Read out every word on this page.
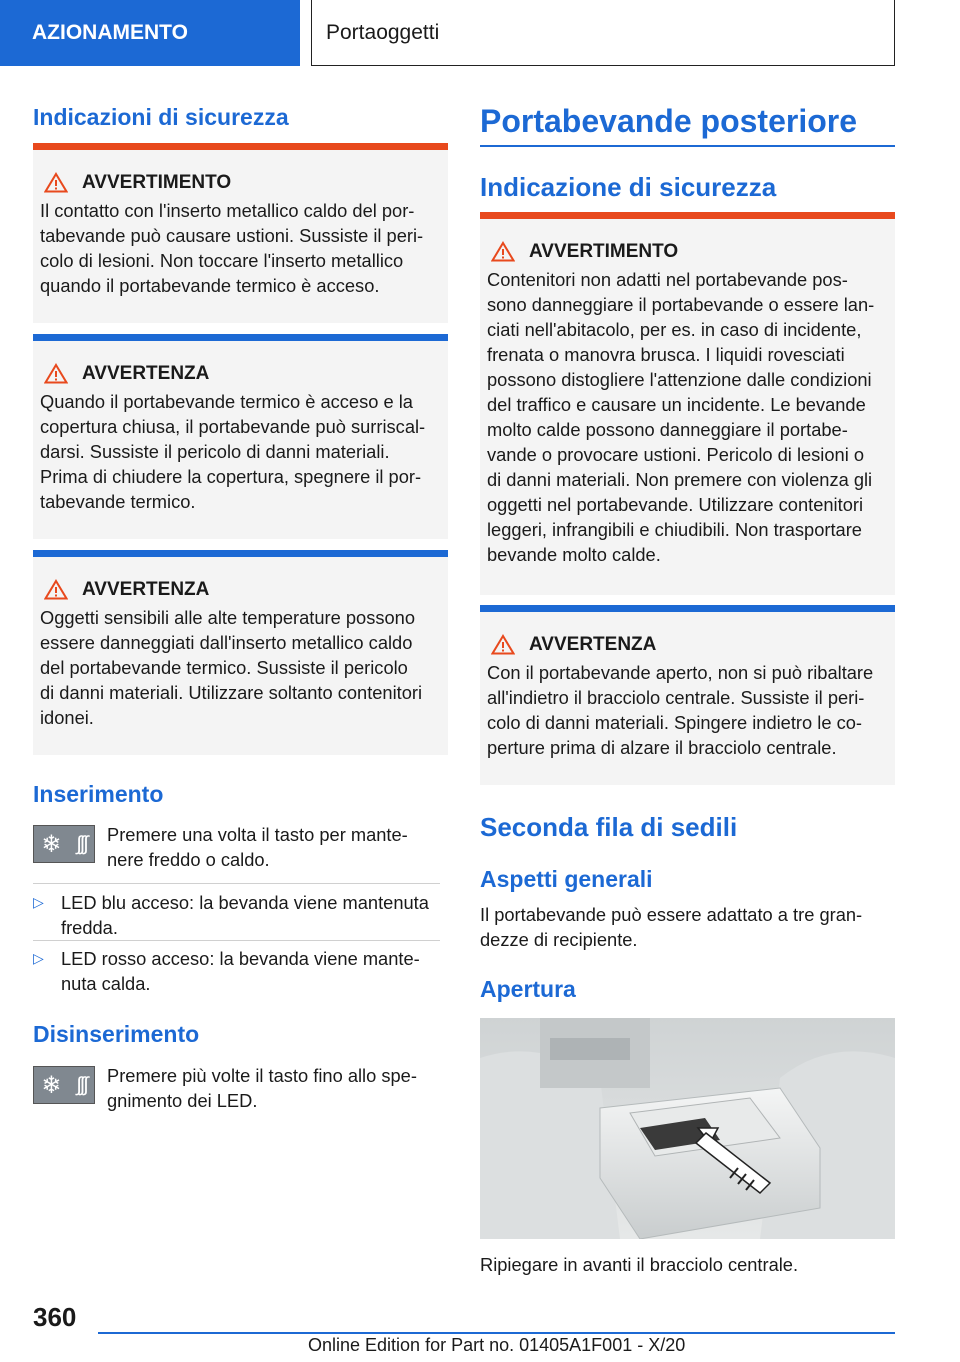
AZIONAMENTO	Portaoggetti
Indicazioni di sicurezza
AVVERTIMENTO
Il contatto con l'inserto metallico caldo del por-
tabevande può causare ustioni. Sussiste il peri-
colo di lesioni. Non toccare l'inserto metallico
quando il portabevande termico è acceso.
AVVERTENZA
Quando il portabevande termico è acceso e la
copertura chiusa, il portabevande può surriscal-
darsi. Sussiste il pericolo di danni materiali.
Prima di chiudere la copertura, spegnere il por-
tabevande termico.
AVVERTENZA
Oggetti sensibili alle alte temperature possono
essere danneggiati dall'inserto metallico caldo
del portabevande termico. Sussiste il pericolo
di danni materiali. Utilizzare soltanto contenitori
idonei.
Inserimento
❄ ∫∫∫ Premere una volta il tasto per mante-
nere freddo o caldo.
▷ LED blu acceso: la bevanda viene mantenuta
fredda.
▷ LED rosso acceso: la bevanda viene mante-
nuta calda.
Disinserimento
❄ ∫∫∫ Premere più volte il tasto fino allo spe-
gnimento dei LED.
Portabevande posteriore
Indicazione di sicurezza
AVVERTIMENTO
Contenitori non adatti nel portabevande pos-
sono danneggiare il portabevande o essere lan-
ciati nell'abitacolo, per es. in caso di incidente,
frenata o manovra brusca. I liquidi rovesciati
possono distogliere l'attenzione dalle condizioni
del traffico e causare un incidente. Le bevande
molto calde possono danneggiare il portabe-
vande o provocare ustioni. Pericolo di lesioni o
di danni materiali. Non premere con violenza gli
oggetti nel portabevande. Utilizzare contenitori
leggeri, infrangibili e chiudibili. Non trasportare
bevande molto calde.
AVVERTENZA
Con il portabevande aperto, non si può ribaltare
all'indietro il bracciolo centrale. Sussiste il peri-
colo di danni materiali. Spingere indietro le co-
perture prima di alzare il bracciolo centrale.
Seconda fila di sedili
Aspetti generali
Il portabevande può essere adattato a tre gran-
dezze di recipiente.
Apertura
Ripiegare in avanti il bracciolo centrale.
360
Online Edition for Part no. 01405A1F001 - X/20
